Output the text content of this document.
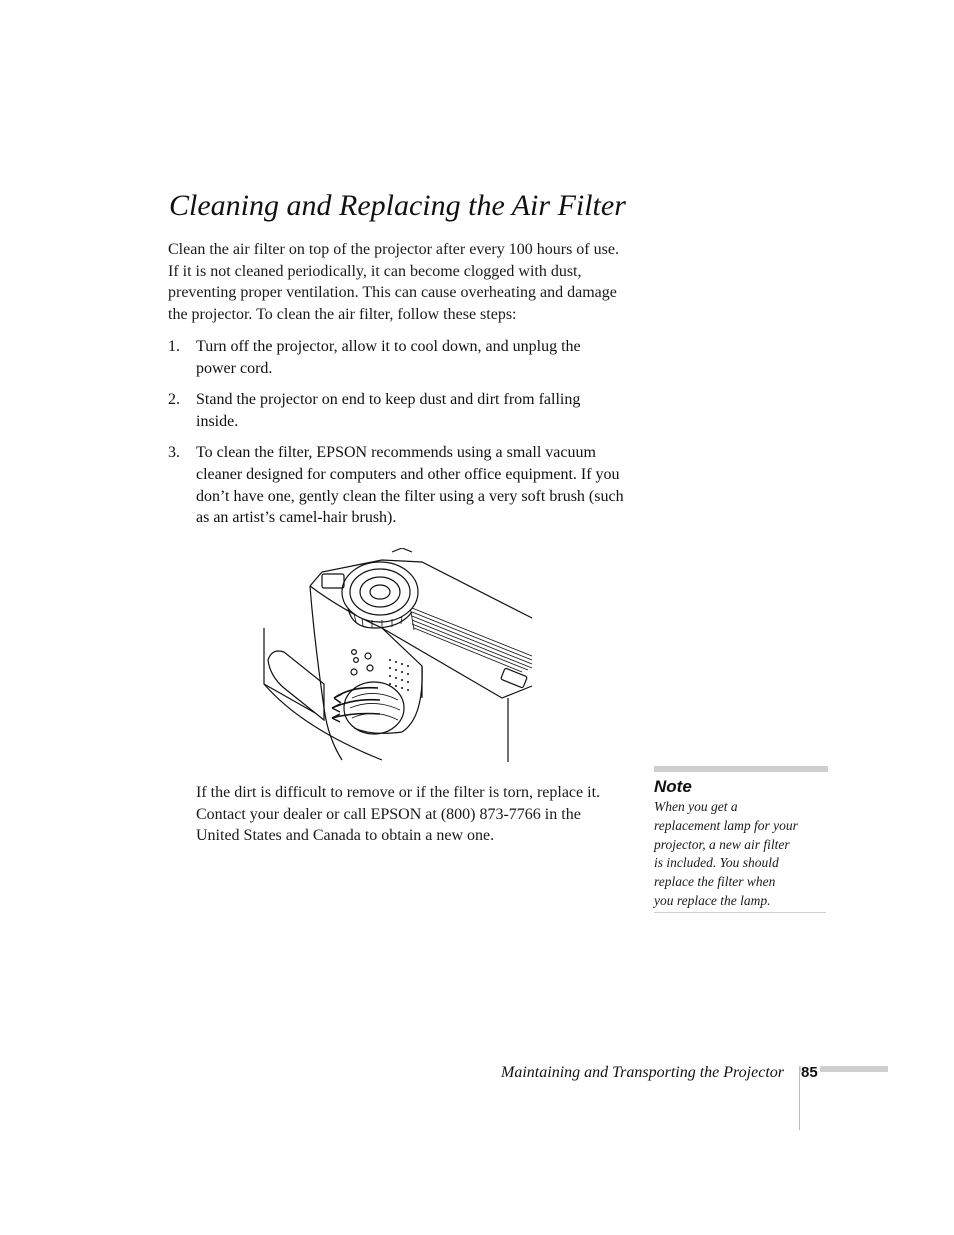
Cleaning and Replacing the Air Filter
Clean the air filter on top of the projector after every 100 hours of use.
If it is not cleaned periodically, it can become clogged with dust,
preventing proper ventilation. This can cause overheating and damage
the projector. To clean the air filter, follow these steps:
1. Turn off the projector, allow it to cool down, and unplug the
power cord.
2. Stand the projector on end to keep dust and dirt from falling
inside.
3. To clean the filter, EPSON recommends using a small vacuum
cleaner designed for computers and other office equipment. If you
don’t have one, gently clean the filter using a very soft brush (such
as an artist’s camel-hair brush).
If the dirt is difficult to remove or if the filter is torn, replace it.
Contact your dealer or call EPSON at (800) 873-7766 in the
United States and Canada to obtain a new one.
Note
When you get a
replacement lamp for your
projector, a new air filter
is included. You should
replace the filter when
you replace the lamp.
Maintaining and Transporting the Projector 85
